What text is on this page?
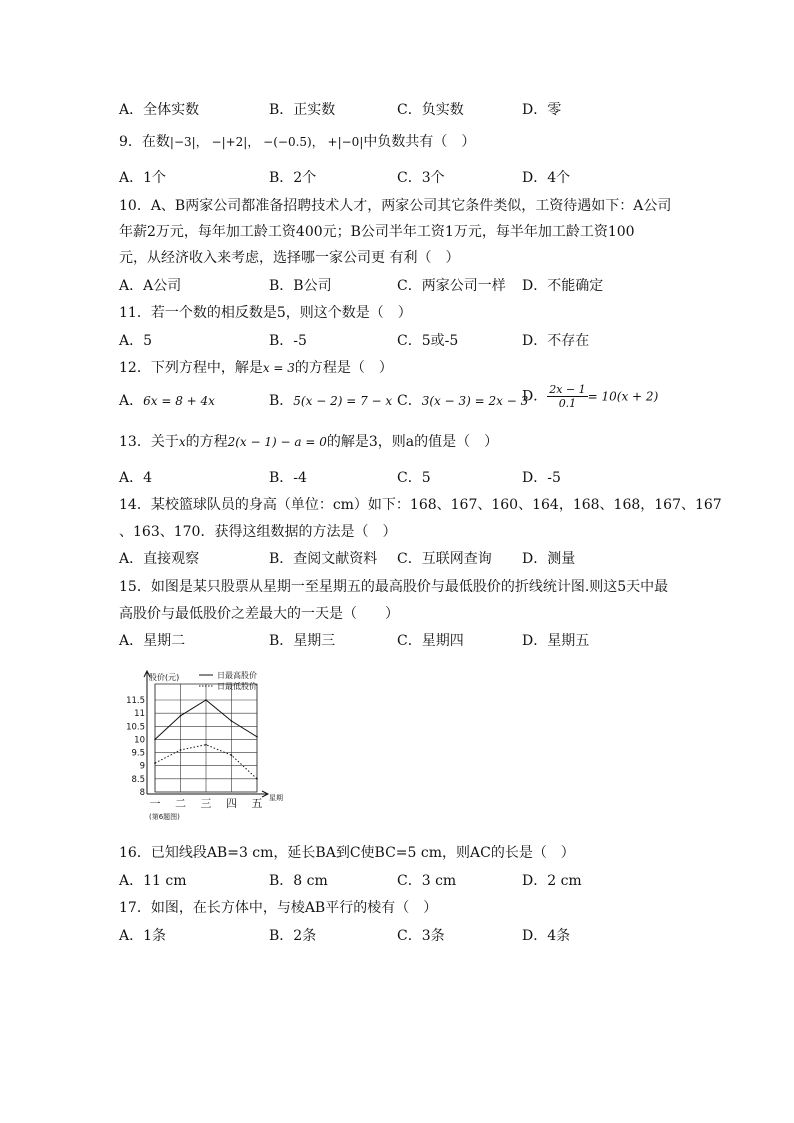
A．全体实数	B．正实数	C．负实数	D．零
9．在数|−3|， −|+2|， −(−0.5)， +|−0|中负数共有（　）
A．1个	B．2个	C．3个	D．4个
10．A、B两家公司都准备招聘技术人才，两家公司其它条件类似，工资待遇如下：A公司
年薪2万元，每年加工龄工资400元；B公司半年工资1万元，每半年加工龄工资100
元，从经济收入来考虑，选择哪一家公司更 有利（　）
A．A公司	B．B公司	C．两家公司一样 D．不能确定
11．若一个数的相反数是5，则这个数是（　）
A．5	B．-5	C．5或-5	D．不存在
12．下列方程中，解是x = 3的方程是（　）
A．6x = 8 + 4x	B．5(x − 2) = 7 − x C．3(x − 3) = 2x − 3
D． $\frac{2x - 1}{0.1} = 10(x + 2)$
13．关于x的方程2(x − 1) − a = 0的解是3，则a的值是（　）
A．4	B．-4	C．5	D．-5
14．某校篮球队员的身高（单位：cm）如下：168、167、160、164，168、168，167、167
、163、170．获得这组数据的方法是（　）
A．直接观察	B．查阅文献资料 C．互联网查询 D．测量
15．如图是某只股票从星期一至星期五的最高股价与最低股价的折线统计图.则这5天中最
高股价与最低股价之差最大的一天是（　　）
A．星期二	B．星期三	C．星期四	D．星期五
11.5
11
10.5
10
9.5
9
8.5
8
一 二 三 四 五
股价(元)
星期
(第6题图)
日最高股价
日最低股价
16．已知线段AB=3 cm，延长BA到C使BC=5 cm，则AC的长是（　）
A．11 cm	B．8 cm	C．3 cm	D．2 cm
17．如图，在长方体中，与棱AB平行的棱有（　）
A．1条	B．2条	C．3条	D．4条
